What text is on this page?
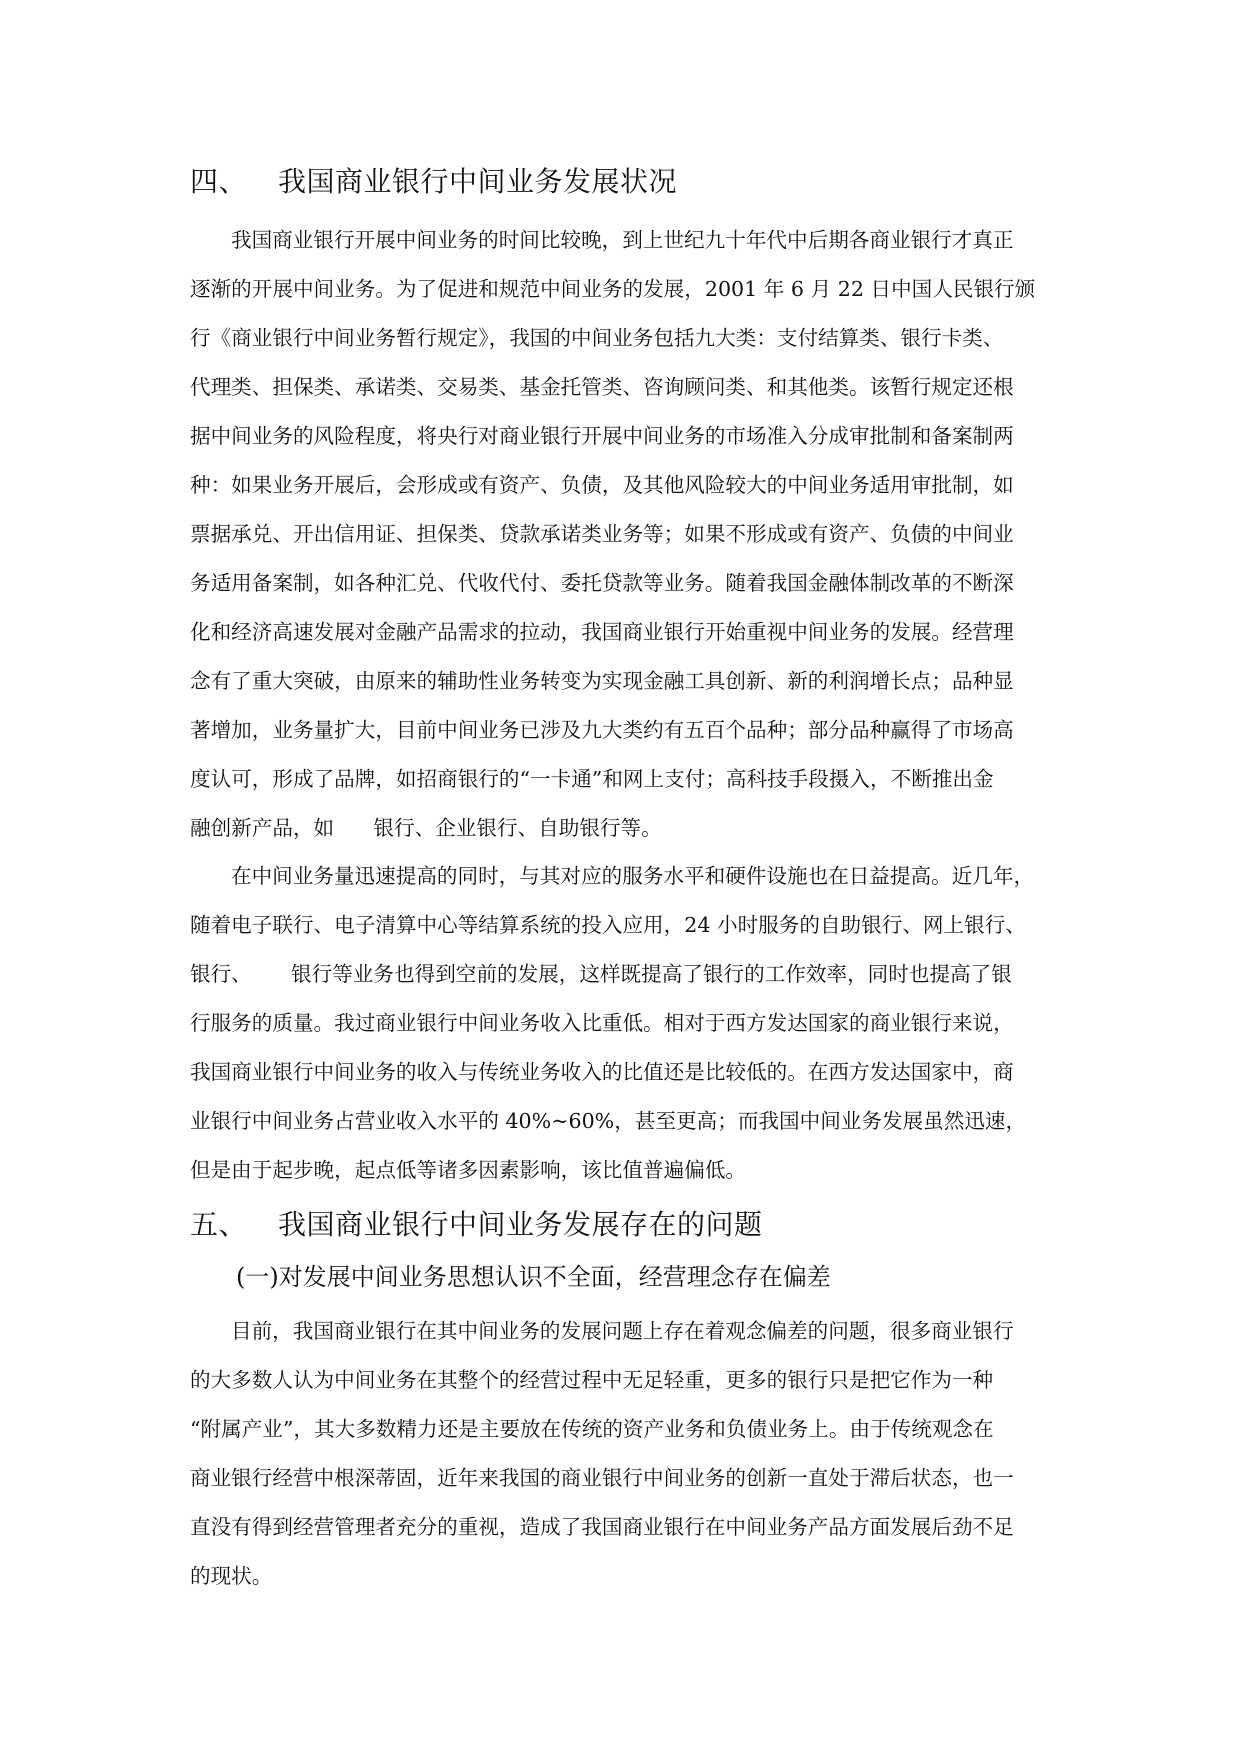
四、 我国商业银行中间业务发展状况
我国商业银行开展中间业务的时间比较晚，到上世纪九十年代中后期各商业银行才真正
逐渐的开展中间业务。为了促进和规范中间业务的发展，2001 年 6 月 22 日中国人民银行颁
行《商业银行中间业务暂行规定》，我国的中间业务包括九大类：支付结算类、银行卡类、
代理类、担保类、承诺类、交易类、基金托管类、咨询顾问类、和其他类。该暂行规定还根
据中间业务的风险程度，将央行对商业银行开展中间业务的市场准入分成审批制和备案制两
种：如果业务开展后，会形成或有资产、负债，及其他风险较大的中间业务适用审批制，如
票据承兑、开出信用证、担保类、贷款承诺类业务等；如果不形成或有资产、负债的中间业
务适用备案制，如各种汇兑、代收代付、委托贷款等业务。随着我国金融体制改革的不断深
化和经济高速发展对金融产品需求的拉动，我国商业银行开始重视中间业务的发展。经营理
念有了重大突破，由原来的辅助性业务转变为实现金融工具创新、新的利润增长点；品种显
著增加，业务量扩大，目前中间业务已涉及九大类约有五百个品种；部分品种赢得了市场高
度认可，形成了品牌，如招商银行的“一卡通”和网上支付；高科技手段摄入，不断推出金
融创新产品，如      银行、企业银行、自助银行等。
在中间业务量迅速提高的同时，与其对应的服务水平和硬件设施也在日益提高。近几年，
随着电子联行、电子清算中心等结算系统的投入应用，24 小时服务的自助银行、网上银行、
银行、      银行等业务也得到空前的发展，这样既提高了银行的工作效率，同时也提高了银
行服务的质量。我过商业银行中间业务收入比重低。相对于西方发达国家的商业银行来说，
我国商业银行中间业务的收入与传统业务收入的比值还是比较低的。在西方发达国家中，商
业银行中间业务占营业收入水平的 40%~60%，甚至更高；而我国中间业务发展虽然迅速，
但是由于起步晚，起点低等诸多因素影响，该比值普遍偏低。
五、 我国商业银行中间业务发展存在的问题
(一)对发展中间业务思想认识不全面，经营理念存在偏差
目前，我国商业银行在其中间业务的发展问题上存在着观念偏差的问题，很多商业银行
的大多数人认为中间业务在其整个的经营过程中无足轻重，更多的银行只是把它作为一种
“附属产业”，其大多数精力还是主要放在传统的资产业务和负债业务上。由于传统观念在
商业银行经营中根深蒂固，近年来我国的商业银行中间业务的创新一直处于滞后状态，也一
直没有得到经营管理者充分的重视，造成了我国商业银行在中间业务产品方面发展后劲不足
的现状。
